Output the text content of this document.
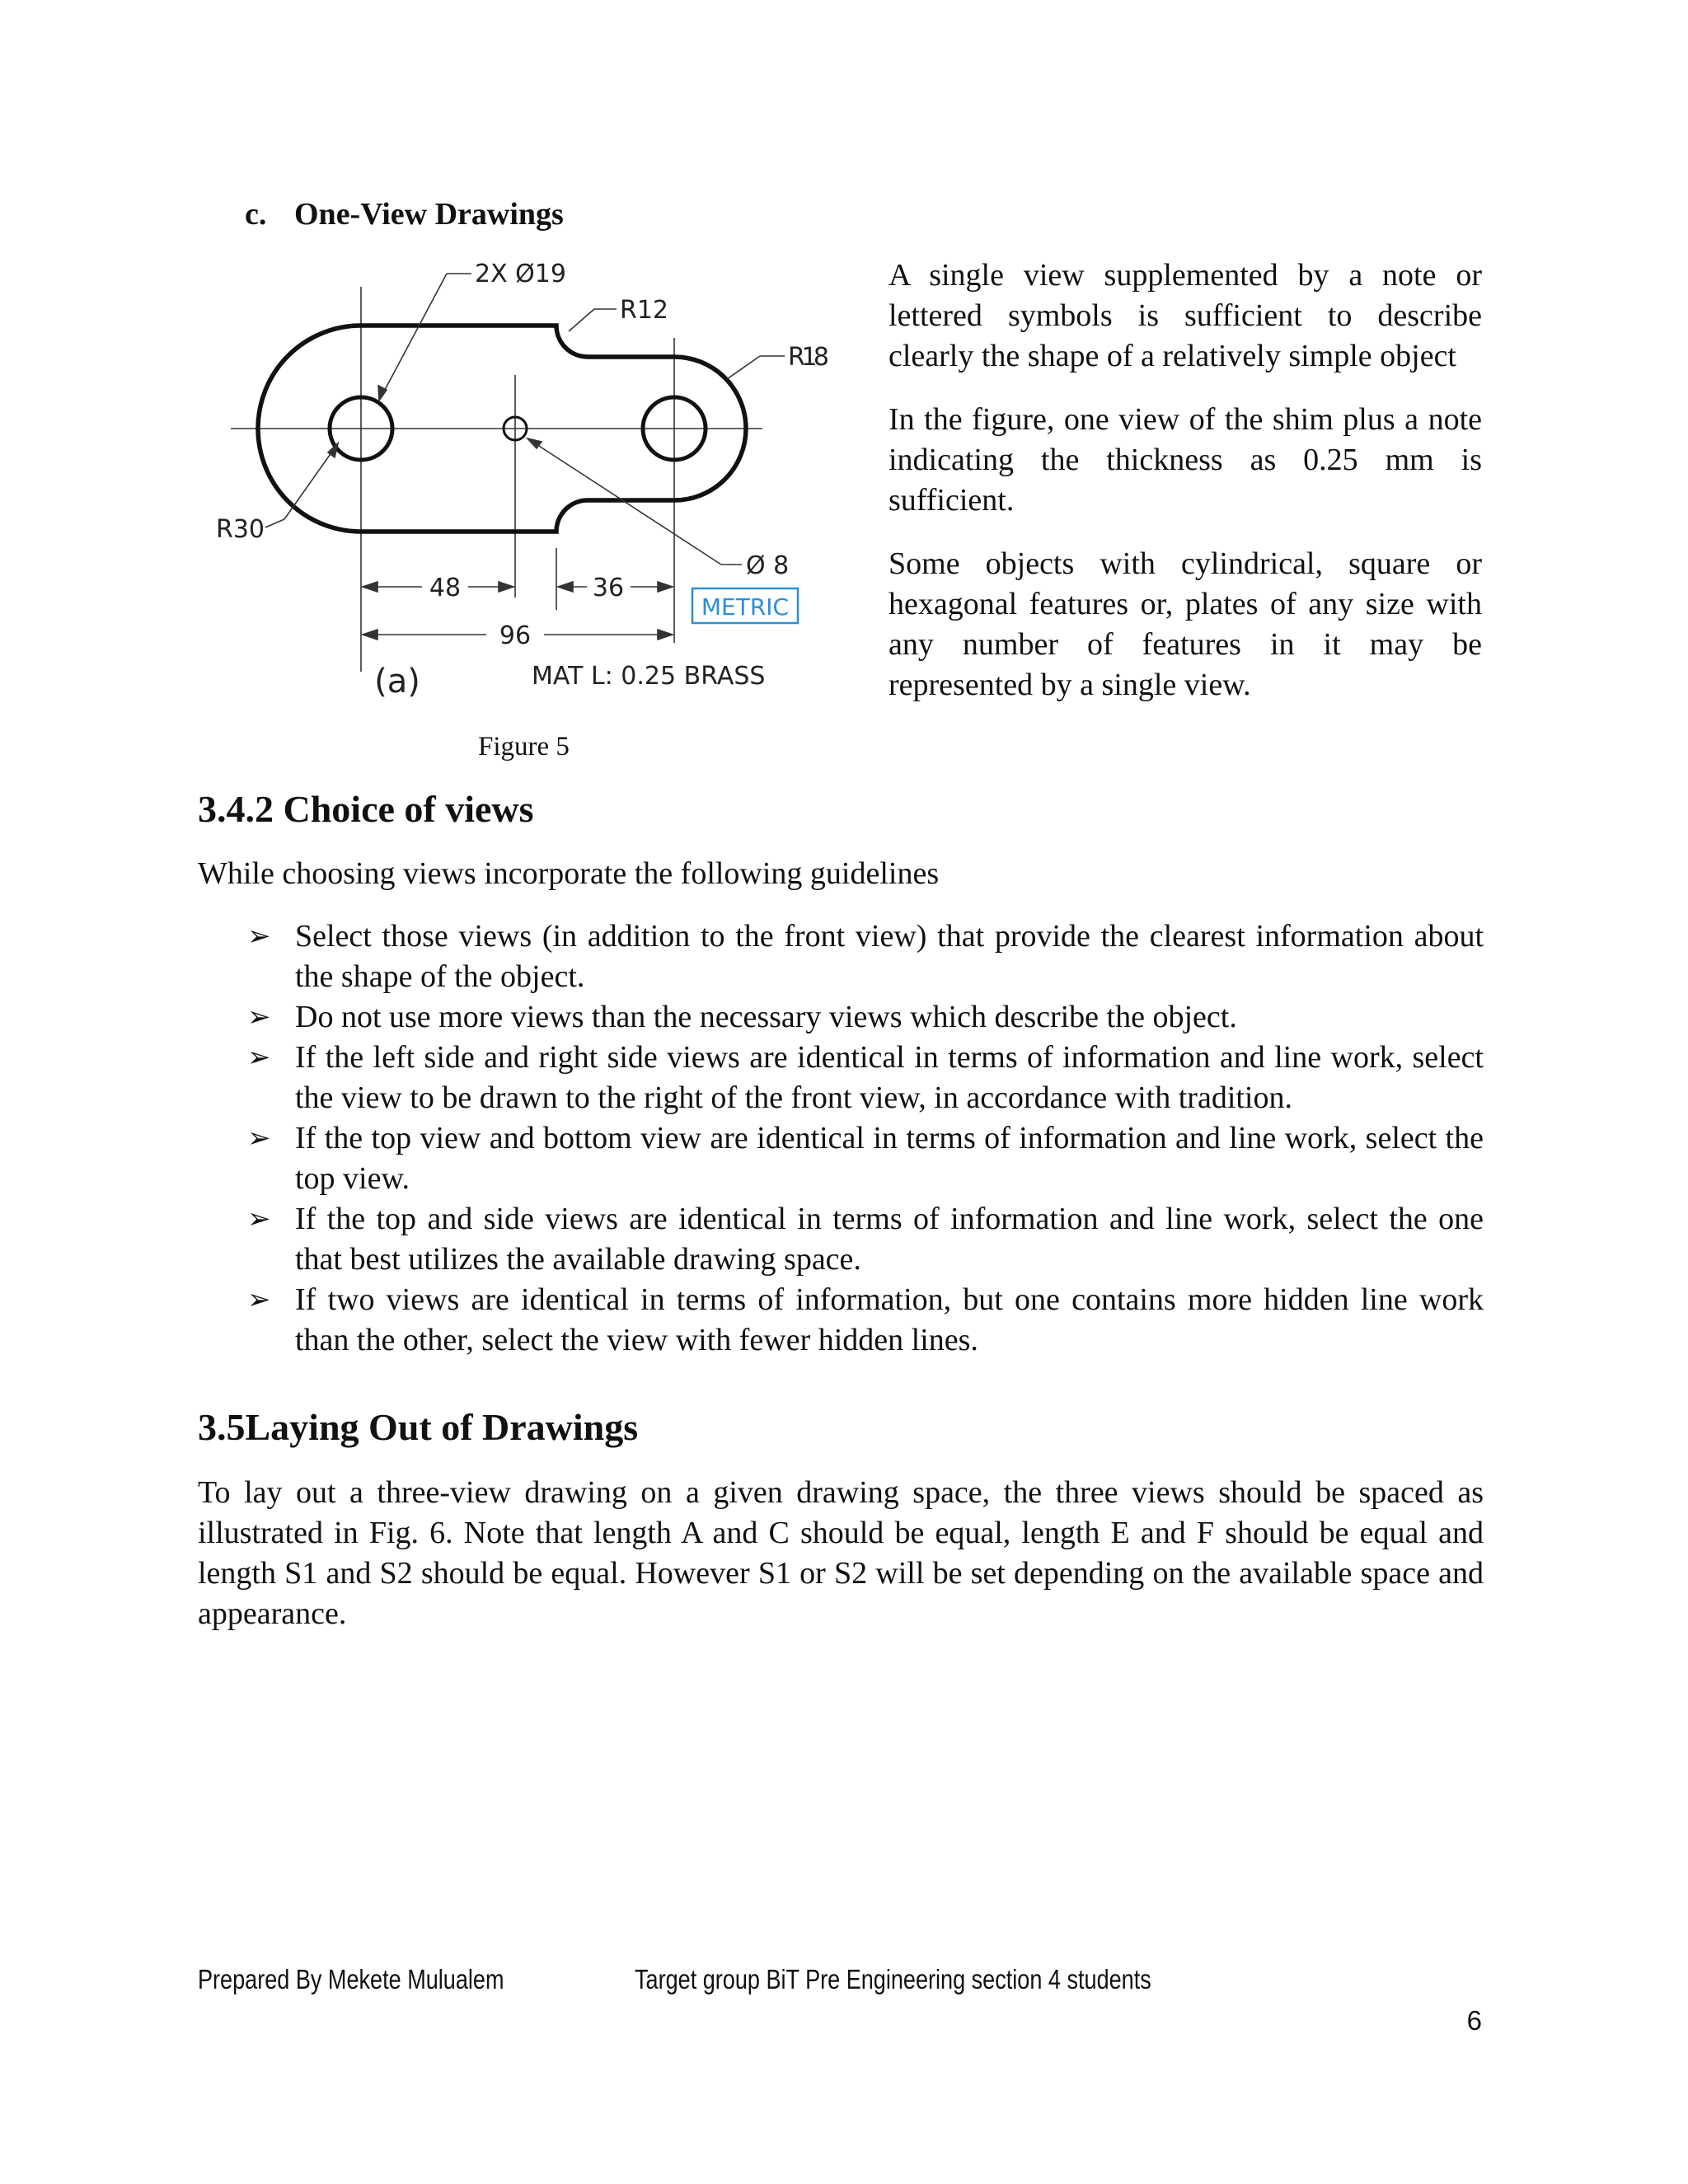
c. One-View Drawings
2X Ø19
R12
R18
R30
Ø 8
48	36
96
METRIC
(a)	MAT L: 0.25 BRASS
Figure 5

A single view supplemented by a note or lettered symbols is sufficient to describe clearly the shape of a relatively simple object

In the figure, one view of the shim plus a note indicating the thickness as 0.25 mm is sufficient.

Some objects with cylindrical, square or hexagonal features or, plates of any size with any number of features in it may be represented by a single view.

3.4.2 Choice of views
While choosing views incorporate the following guidelines
➢ Select those views (in addition to the front view) that provide the clearest information about the shape of the object.
➢ Do not use more views than the necessary views which describe the object.
➢ If the left side and right side views are identical in terms of information and line work, select the view to be drawn to the right of the front view, in accordance with tradition.
➢ If the top view and bottom view are identical in terms of information and line work, select the top view.
➢ If the top and side views are identical in terms of information and line work, select the one that best utilizes the available drawing space.
➢ If two views are identical in terms of information, but one contains more hidden line work than the other, select the view with fewer hidden lines.
3.5Laying Out of Drawings
To lay out a three-view drawing on a given drawing space, the three views should be spaced as illustrated in Fig. 6. Note that length A and C should be equal, length E and F should be equal and length S1 and S2 should be equal. However S1 or S2 will be set depending on the available space and appearance.
Prepared By Mekete Mulualem	Target group BiT Pre Engineering section 4 students
6
